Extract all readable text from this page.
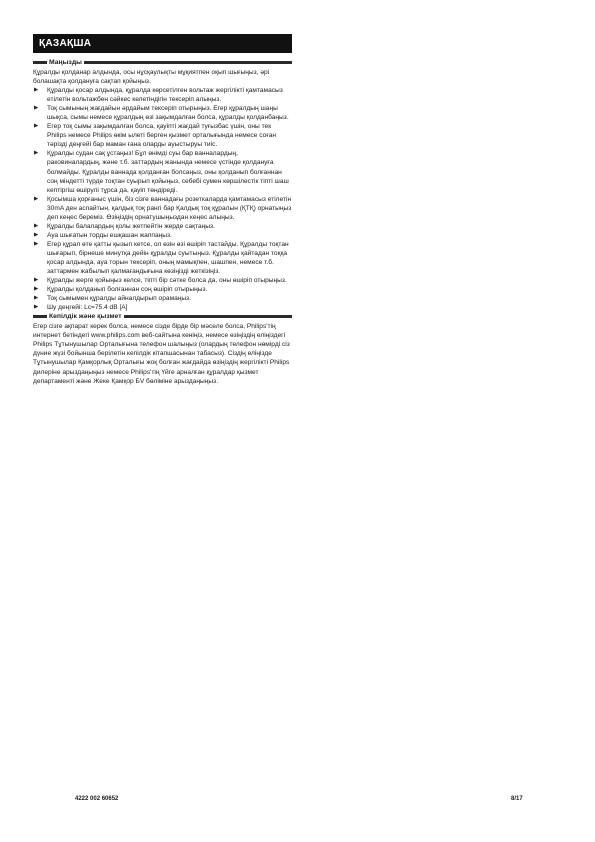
ҚАЗАҚША
Маңызды

Құралды қолданар алдында, осы нұсқаулықты мұқиятпен оқып шығыңыз, әрі болашақта қолдануға сақтап қойыңыз.

▶ Құралды қосар алдында, құралда көрсетілген вольтаж жергілікті қамтамасыз етілетін вольтажбен сәйкес келетіндігін тексеріп алыңыз.
▶ Тоқ сымының жағдайын әрдайым тексеріп отырыңыз. Егер құралдың шаңы шықса, сымы немесе құралдың өзі зақымдалған болса, құралды қолданбаңыз.
▶ Егер тоқ сымы зақымдалған болса, қауіпті жағдай туғызбас үшін, оны тек Philips немесе Philips өкім ылеті берген қызмет орталығында немесе соған тәрізді деңгейі бар маман ғана оларды ауыстыруы тиіс.
▶ Құралды судан сақ ұстаңыз! Бұл өнімді суы бар ванналардың, раковиналардың, және т.б. заттардың жанында немесе үстінде қолдануға болмайды. Құралды ваннада қолданған болсаңыз, оны қолданып болғаннан соң міндетті түрде тоқтан суырып қойыңыз, себебі сумен көршілестік тіпті шаш кептіргіш өшірулі тұрса да, қауіп төндіреді.
▶ Қосымша қорғаныс үшін, біз сізге ваннадағы розеткаларда қамтамасыз етілетін 30mA ден аспайтын, қалдық тоқ рангі бар Қалдық тоқ құралын (ҚТҚ) орнатыңыз деп кеңес береміз. Өзіңіздің орнатушыңыздан кеңес алыңыз.
▶ Құралды балалардың қолы жетпейтін жерде сақтаңыз.
▶ Ауа шығатын торды ешқашан жаппаңыз.
▶ Егер құрал өте қатты қызып кетсе, ол өзін өзі өшіріп тастайды. Құралды тоқтан шығарып, бірнеше минутқа дейін құралды суытыңыз. Құралды қайтадан тоққа қосар алдында, ауа торын тексеріп, оның мамықпен, шашпен, немесе т.б. заттармен жабылып қалмағандығына көзіңізді жеткізіңіз.
▶ Құралды жерге қойыңыз келсе, тіпті бір сәтке болса да, оны өшіріп отырыңыз.
▶ Құралды қолданып болғаннан соң өшіріп отырыңыз.
▶ Тоқ сымымен құралды айналдырып орамаңыз.
▶ Шу деңгейі: Lc=75.4 dB [A]
Кепілдік және қызмет

Егер сізге ақпарат керек болса, немесе сізде бірде бір мәселе болса, Philips'тің интернет бетіндегі www.philips.com веб-сайтына кеніңіз, немесе өзіңіздің еліңіздегі Philips Тұтынушылар Орталығына телефон шалыңыз (олардың телефон нөмірді сіз дүние жүзі бойынша берілетін кепілдік кітапшасынан табасыз). Сіздің еліңізде Тұтынушылар Қамқорлық Орталығы жоқ болған жағдайда өзіңіздің жергілікті Philips дилеріне арыздаңыңыз немесе Philips'тің Үйге арналған құралдар қызмет департаменті және Жеке Қамқор БV бөліміне арыздаңыңыз.

4222 002 60652	8/17
